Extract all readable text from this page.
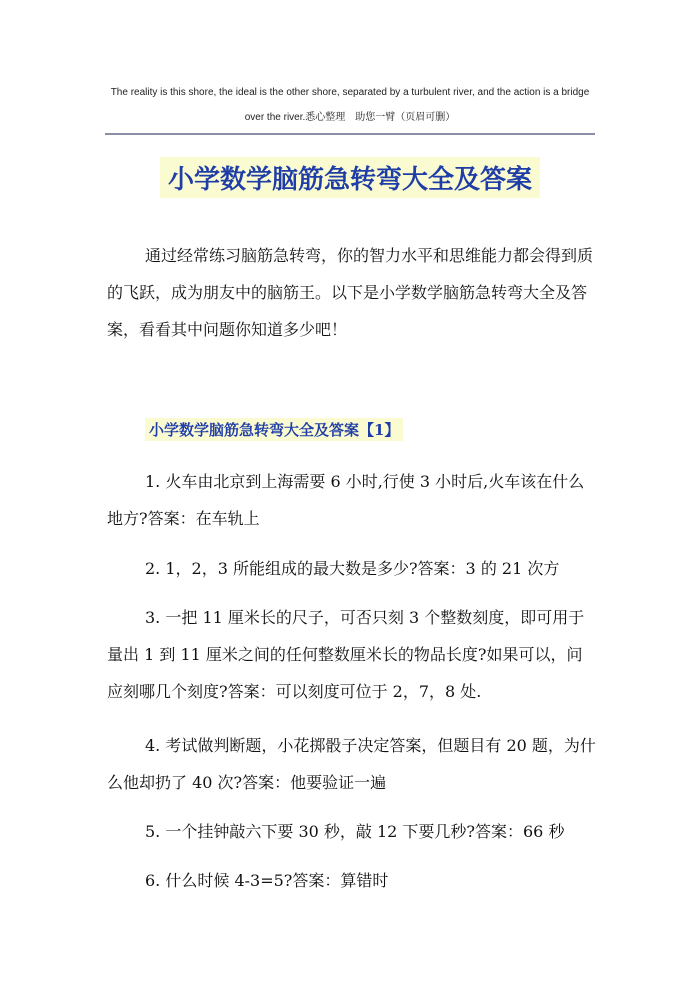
The reality is this shore, the ideal is the other shore, separated by a turbulent river, and the action is a bridge
over the river.悉心整理　助您一臂（页眉可删）
小学数学脑筋急转弯大全及答案

通过经常练习脑筋急转弯，你的智力水平和思维能力都会得到质的飞跃，成为朋友中的脑筋王。以下是小学数学脑筋急转弯大全及答案，看看其中问题你知道多少吧！

小学数学脑筋急转弯大全及答案【1】

1. 火车由北京到上海需要 6 小时,行使 3 小时后,火车该在什么地方?答案：在车轨上

2. 1，2，3 所能组成的最大数是多少?答案：3 的 21 次方

3. 一把 11 厘米长的尺子，可否只刻 3 个整数刻度，即可用于量出 1 到 11 厘米之间的任何整数厘米长的物品长度?如果可以，问应刻哪几个刻度?答案：可以刻度可位于 2，7，8 处.

4. 考试做判断题，小花掷骰子决定答案，但题目有 20 题，为什么他却扔了 40 次?答案：他要验证一遍

5. 一个挂钟敲六下要 30 秒，敲 12 下要几秒?答案：66 秒

6. 什么时候 4-3=5?答案：算错时
